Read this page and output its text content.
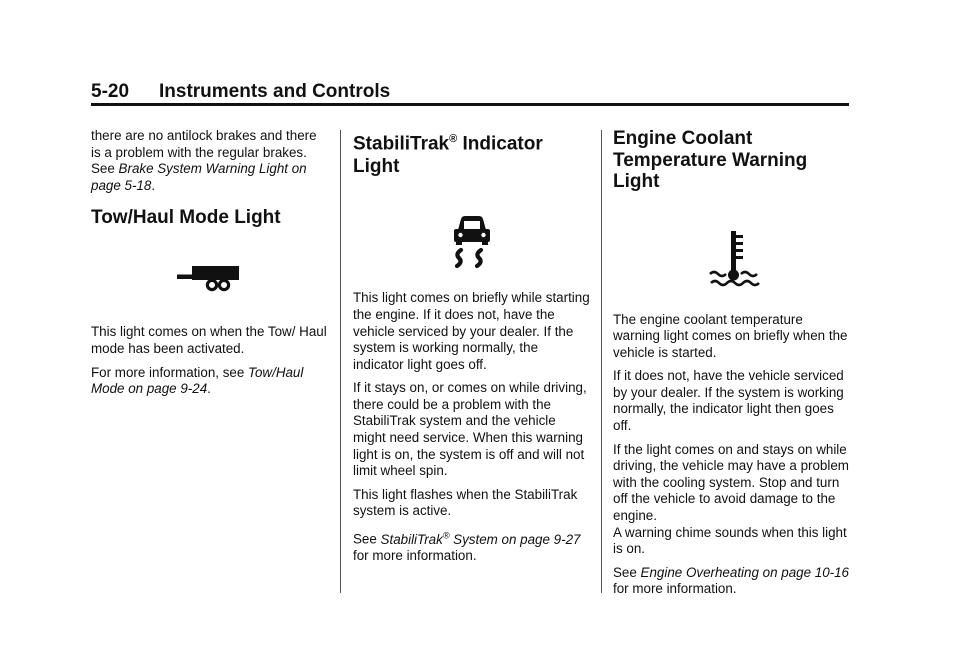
5-20 Instruments and Controls

there are no antilock brakes and there is a problem with the regular brakes. See Brake System Warning Light on page 5-18.

Tow/Haul Mode Light

This light comes on when the Tow/ Haul mode has been activated.

For more information, see Tow/Haul Mode on page 9-24.

StabiliTrak® Indicator Light

This light comes on briefly while starting the engine. If it does not, have the vehicle serviced by your dealer. If the system is working normally, the indicator light goes off.

If it stays on, or comes on while driving, there could be a problem with the StabiliTrak system and the vehicle might need service. When this warning light is on, the system is off and will not limit wheel spin.

This light flashes when the StabiliTrak system is active.

See StabiliTrak® System on page 9-27 for more information.

Engine Coolant Temperature Warning Light

The engine coolant temperature warning light comes on briefly when the vehicle is started.

If it does not, have the vehicle serviced by your dealer. If the system is working normally, the indicator light then goes off.

If the light comes on and stays on while driving, the vehicle may have a problem with the cooling system. Stop and turn off the vehicle to avoid damage to the engine.

A warning chime sounds when this light is on.

See Engine Overheating on page 10-16 for more information.
